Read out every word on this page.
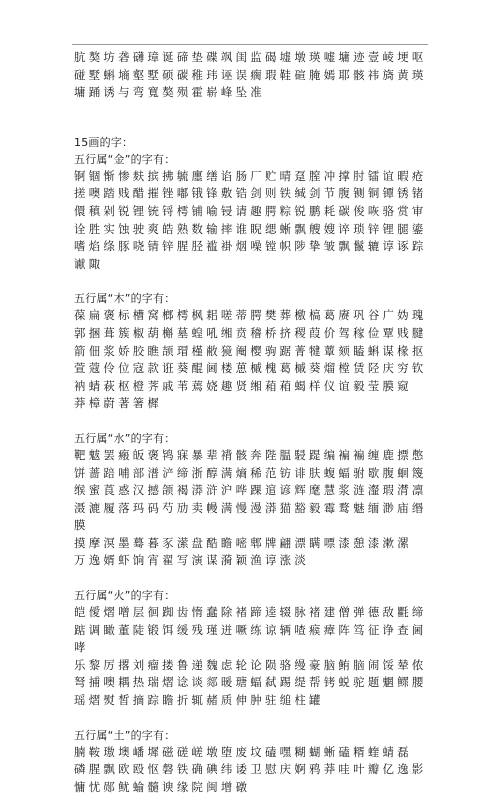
肮獒坊砻礴璋诞碲垫碟飒闺监碣墟墩瑛嘘墉迹壹崚埂呕

碰墅蝌墒壑墅硕碳稚玮诬误瘸瑕鞋碹腌嫣耶骸祎旖黄瑛

墉踊诱与弯寬獒殒霍崭峰坠准

15画的字：

五行属“金”的字有：

锕锢惭惨麸摈拂毓廛缮谄肠厂贮晴趸膣冲撑肘镭谊暇疮

搓噢踏贱醋摧锉嘟锇锋敷锆剑则铁缄剑节腹铡铜镡锈锗

儇稹剁锐锂铳锊樗铺喻锓请趣腭粽锐鹏耗碳俊咴骆赏审

诠胜实蚀驶爽皓熟数输摔谁睨缌蜥飘艘嫂谇琐锌锂腿鎏

嗜焰绦豚哓锖锌腥胫褴褂烟噪镗帜陟挚皱飘鬣辘谆诼踪

谳陬

五行属“木”的字有：

葆扁褒标槽窝榔樗枫耜嗟蒂腭樊葬檄槁葛赓巩谷广妫瑰

郭捆葺簇椒葫槲墓蝗吼缃贲稽桥挤稷葭价驾稼俭覃贱腱

箭佃浆娇胶瞧颉瑁槿敝獍阉樱驹踞菁犍蕈颏瞌蝌谋椽抠

萱蔻伶位寇款诳葵醌阃楼葸槭槐葛槭葵熘樘赁陉庆穷钦

衲蜻萩枢橙荠戚苇蔫娆趣贤缃葙葙蝎样仪谊毅莹膜窥

莽樟蔚著箸樨

五行属“水”的字有：

靶魃罢瘢皈褒鸨寐暴辈褙骸奔陛腽駸踶编褊褊缠鹿摽憋

饼蔷踣哺部潽浐缔浙醇满熵稀范钫诽肤蝮蝠驸歇腹蛔篾

缑蜜莨惑汉撼颌褐漭浒沪哗踝逭谚辉麾慧浆涟瀣瑕潸凛

滠漉履落玛码芍劢卖幔满慢漫漭猫豁毅霉鹜魅缅渺庙缗膜

摸摩溟墨蓦暮豕潆盘酷瞻嘧郫牌翩漂瞒嘌漆憩漆漱漯

万逸婿虾饷宵翟写演谋漪颖渔谆涨淡

五行属“火”的字有：

皑僾熠噌层徊踟齿惰蠢除褚蹄逵辍脉褚建僧弹德敌氍缔

踮调瞰董陡锻饵缓残瑾迸噘练谅辆喳瘊瘴阵笃征诤查阃哮

乐黎厉撂刘瘤搂鲁递魏虑轮论陨骆缦豪脑鲔脑闹馁辇侬

弩捕噢耦热瑞熠谂谈郯暖瑭蝠弑踢缇帮铐蜕驼题魍鳏腰

瑶熠熨皙摘踪瞻折辄赭质伸肿驻缒柱罐

五行属“土”的字有：

腩鞍璈墺嶓墀磁磋嵯墩堕废坟磕嘿糊蝴蜥磕糈蝰蜻磊

磷腥飘欧殴怄磐铁确碘纬诿卫慰庆婀鸦莽哇叶瓣亿逸影

慵忧郧鱿蝓髓谀缘院闽增礅
